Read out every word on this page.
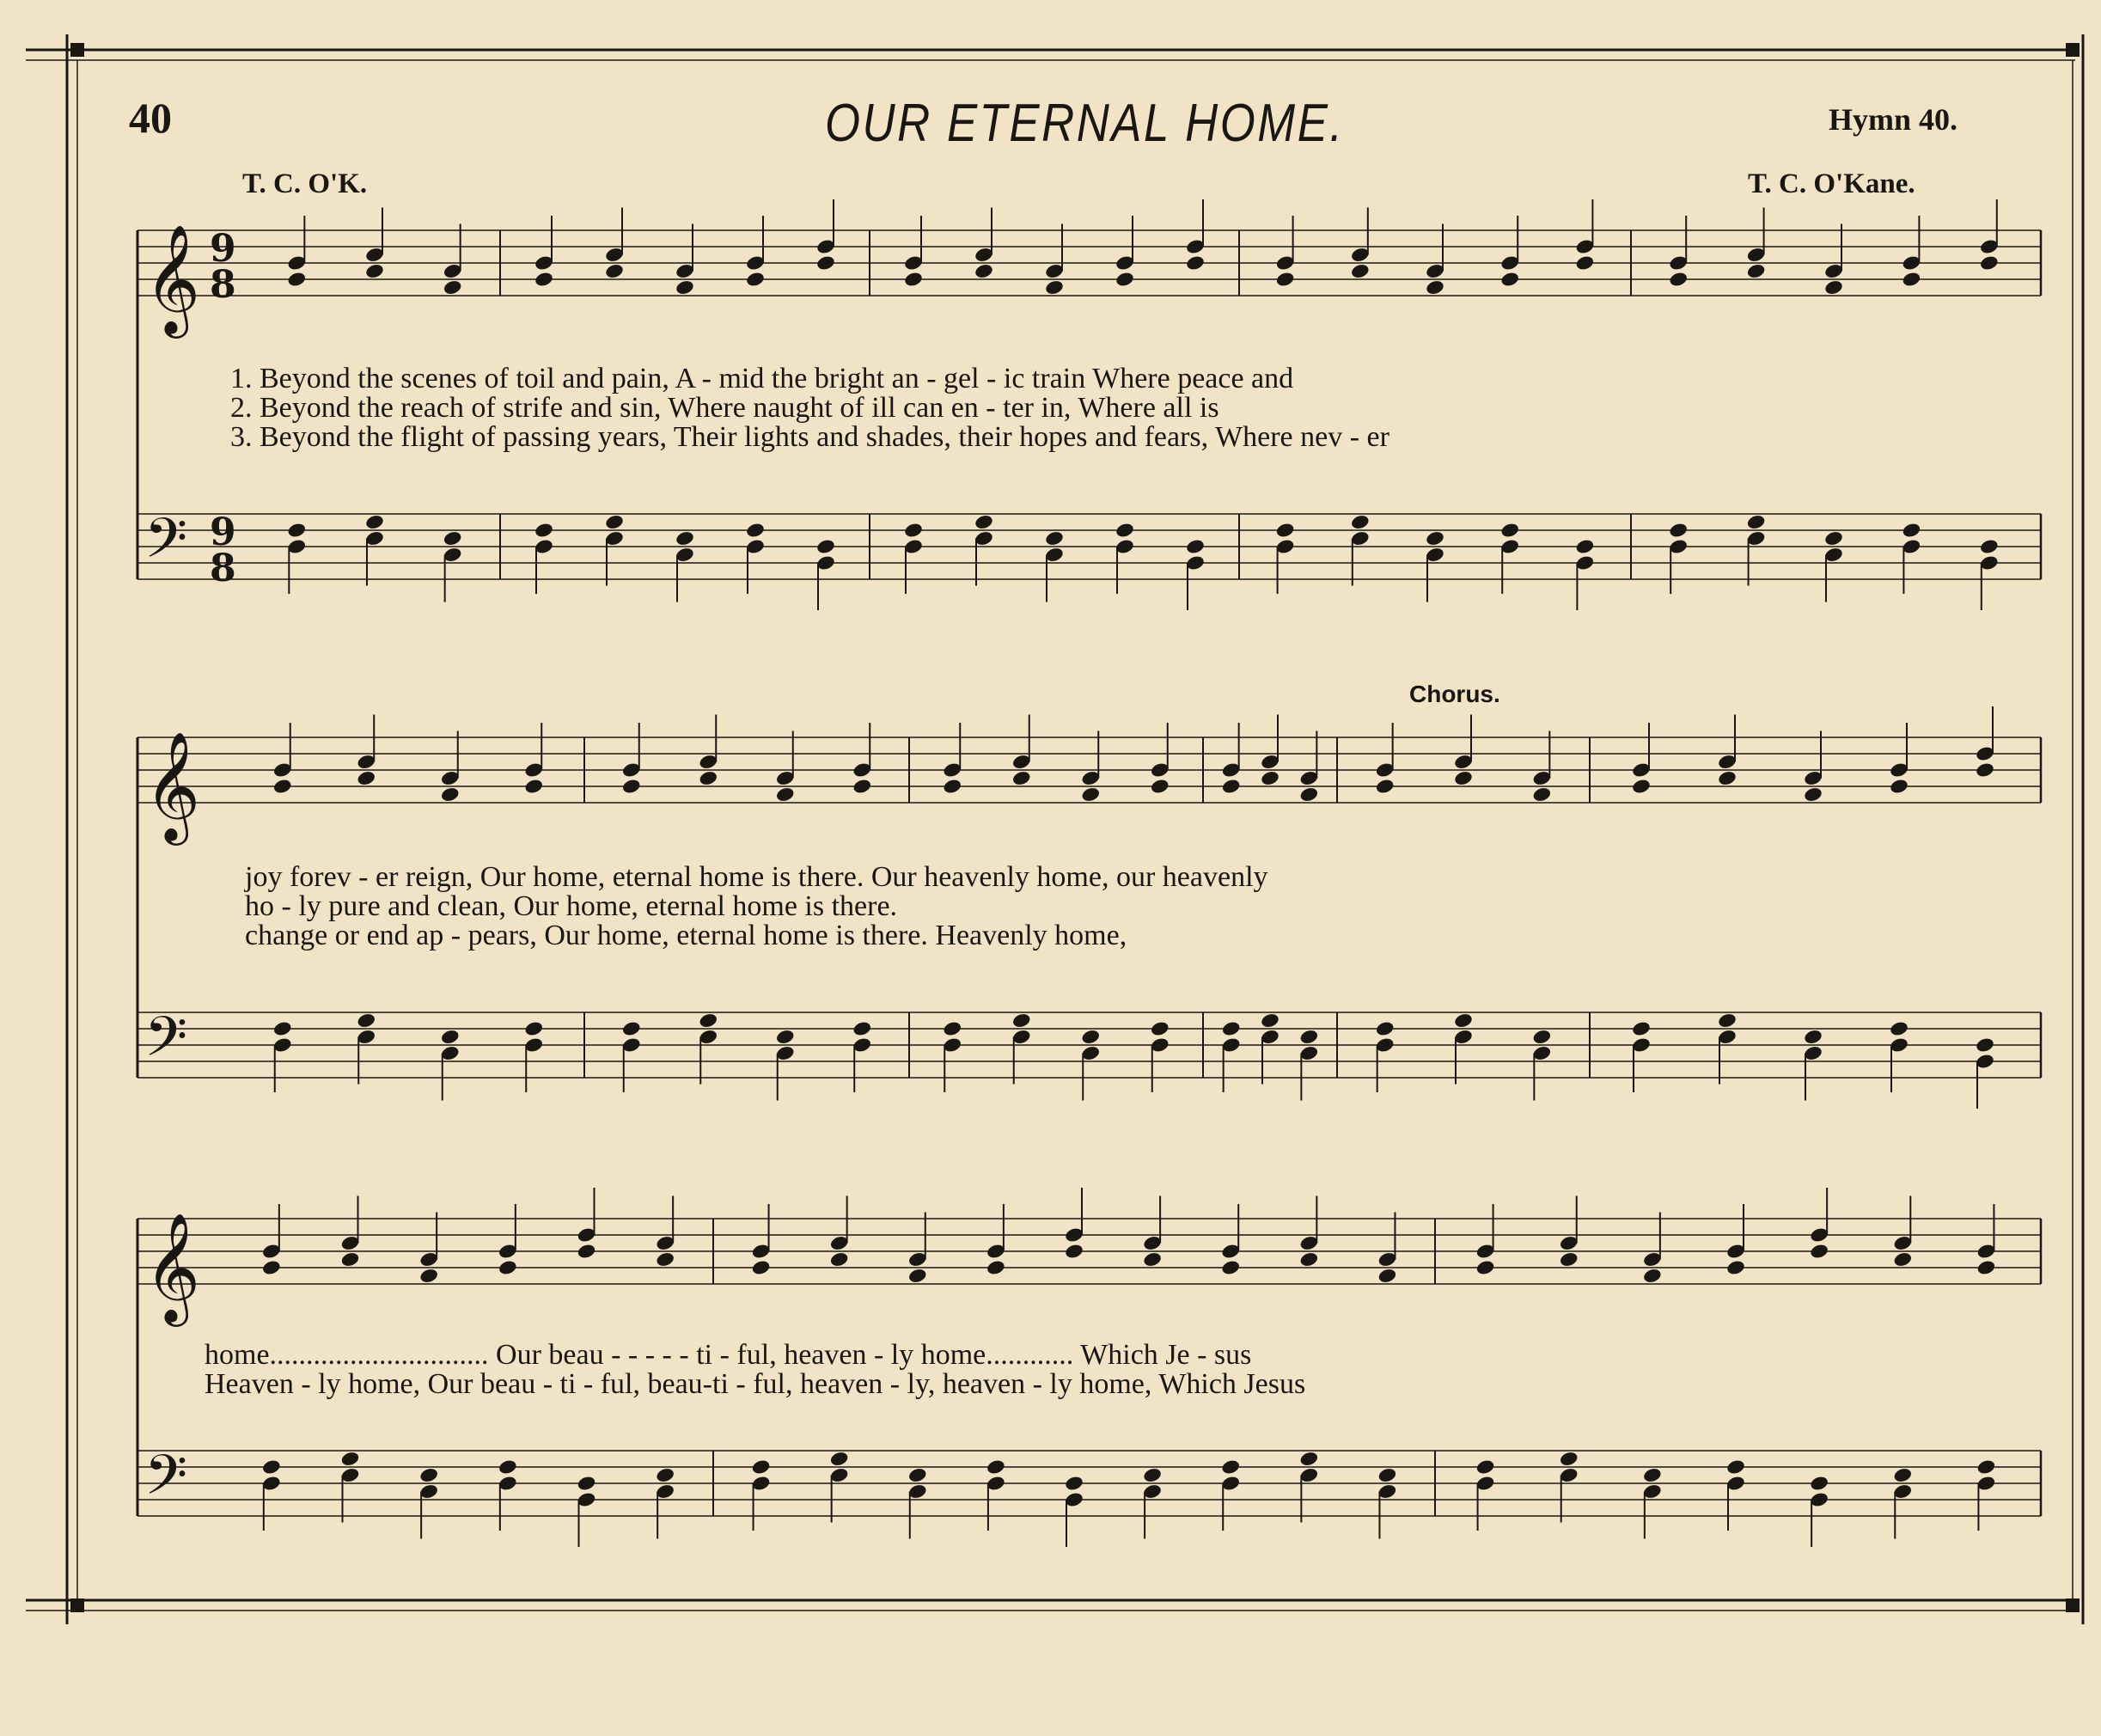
𝄞 9
8
𝄢 9
8
𝄞
𝄢
𝄞
𝄢
40	OUR ETERNAL HOME.	Hymn 40.
T. C. O'K.	T. C. O'Kane.
Chorus.
1. Beyond the scenes of toil and pain, A - mid the bright an - gel - ic train Where peace and
2. Beyond the reach of strife and sin, Where naught of ill can en - ter in, Where all is
3. Beyond the flight of passing years, Their lights and shades, their hopes and fears, Where nev - er
joy forev - er reign, Our home, eternal home is there. Our heavenly home, our heavenly
ho - ly pure and clean, Our home, eternal home is there.
change or end ap - pears, Our home, eternal home is there. Heavenly home,
home.............................. Our beau - - - - - ti - ful, heaven - ly home............ Which Je - sus
Heaven - ly home, Our beau - ti - ful, beau-ti - ful, heaven - ly, heaven - ly home, Which Jesus
